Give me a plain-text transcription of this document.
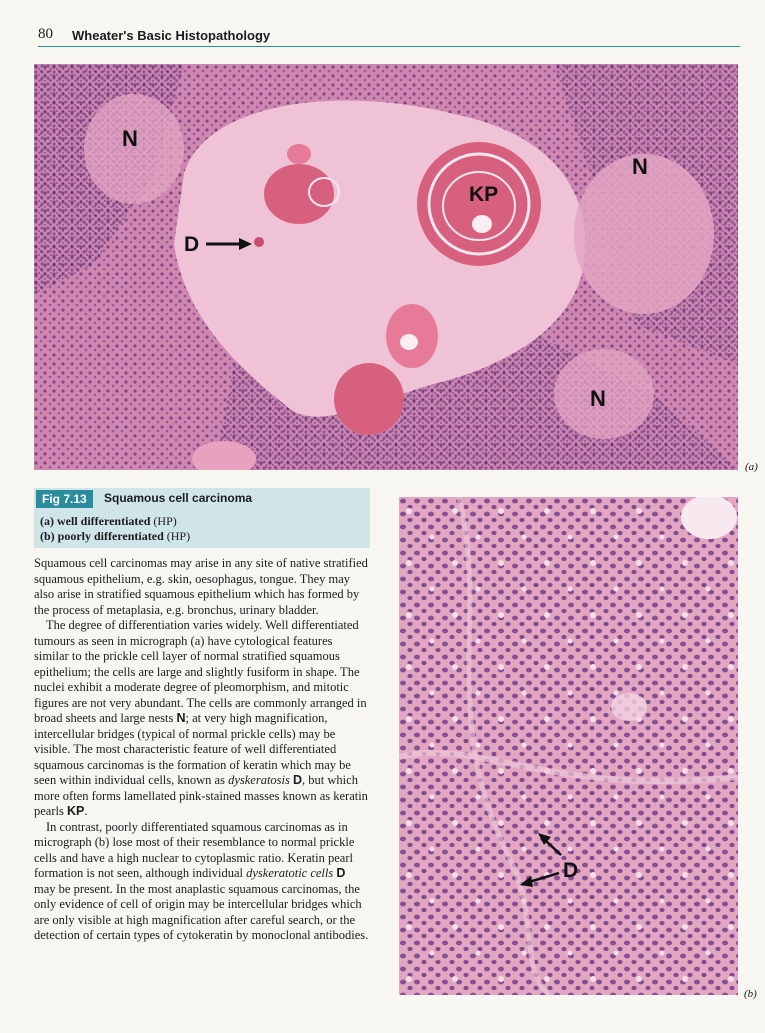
80 Wheater's Basic Histopathology
N
N
N
KP
D
(a)
Fig 7.13	Squamous cell carcinoma
(a) well differentiated (HP)
(b) poorly differentiated (HP)

Squamous cell carcinomas may arise in any site of native stratified squamous epithelium, e.g. skin, oesophagus, tongue. They may also arise in stratified squamous epithelium which has formed by the process of metaplasia, e.g. bronchus, urinary bladder.

The degree of differentiation varies widely. Well differentiated tumours as seen in micrograph (a) have cytological features similar to the prickle cell layer of normal stratified squamous epithelium; the cells are large and slightly fusiform in shape. The nuclei exhibit a moderate degree of pleomorphism, and mitotic figures are not very abundant. The cells are commonly arranged in broad sheets and large nests N; at very high magnification, intercellular bridges (typical of normal prickle cells) may be visible. The most characteristic feature of well differentiated squamous carcinomas is the formation of keratin which may be seen within individual cells, known as dyskeratosis D, but which more often forms lamellated pink-stained masses known as keratin pearls KP.

In contrast, poorly differentiated squamous carcinomas as in micrograph (b) lose most of their resemblance to normal prickle cells and have a high nuclear to cytoplasmic ratio. Keratin pearl formation is not seen, although individual dyskeratotic cells D may be present. In the most anaplastic squamous carcinomas, the only evidence of cell of origin may be intercellular bridges which are only visible at high magnification after careful search, or the detection of certain types of cytokeratin by monoclonal antibodies.

D
(b)
